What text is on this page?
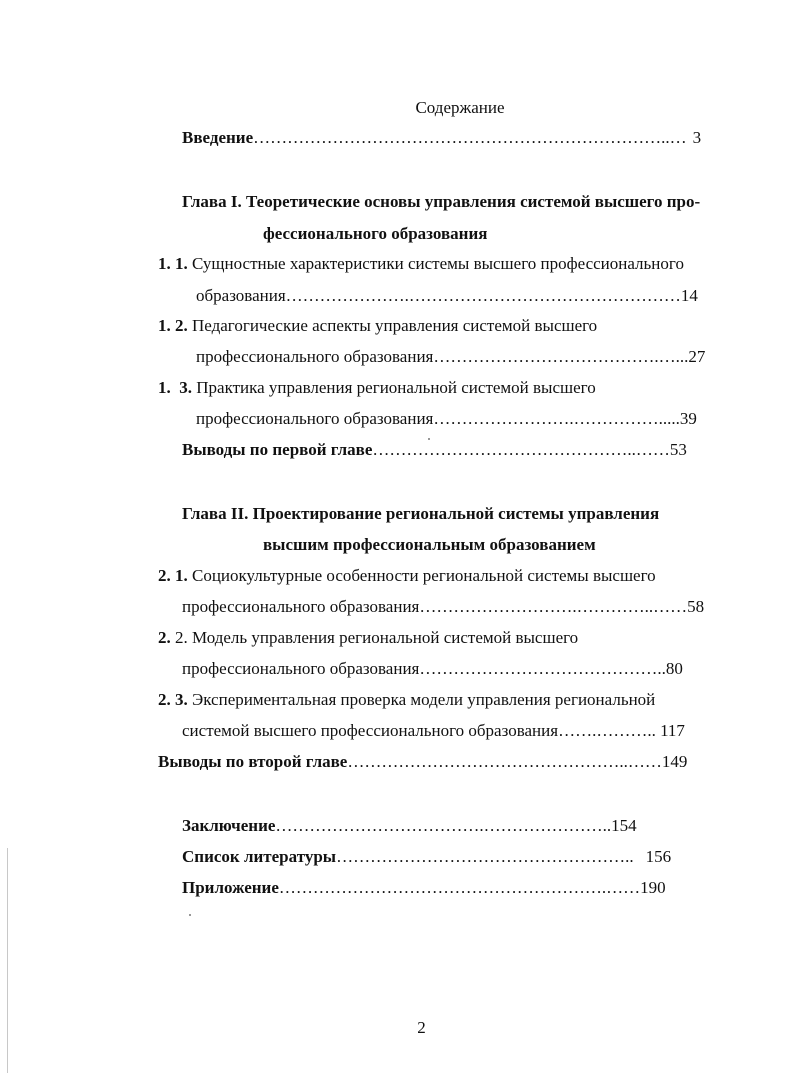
Содержание
Введение………………………………………………………………..… 3
Глава I. Теоретические основы управления системой высшего про-
фессионального образования
1. 1. Сущностные характеристики системы высшего профессионального
образования………………….…………………………………………14
1. 2. Педагогические аспекты управления системой высшего
профессионального образования………………………………….…...27
1.  3. Практика управления региональной системой высшего
профессионального образования…………………….…………….....39
Выводы по первой главе………………………………………..……53
Глава II. Проектирование региональной системы управления
высшим профессиональным образованием
2. 1. Социокультурные особенности региональной системы высшего
профессионального образования……………………….…………..……58
2. 2. Модель управления региональной системой высшего
профессионального образования……………………………………..80
2. 3. Экспериментальная проверка модели управления региональной
системой высшего профессионального образования…….……….. 117
Выводы по второй главе…………………………………………..……149
Заключение……………………………….…………………..154
Список литературы…………………………………………….. 156
Приложение………………………………………………….……190
2
